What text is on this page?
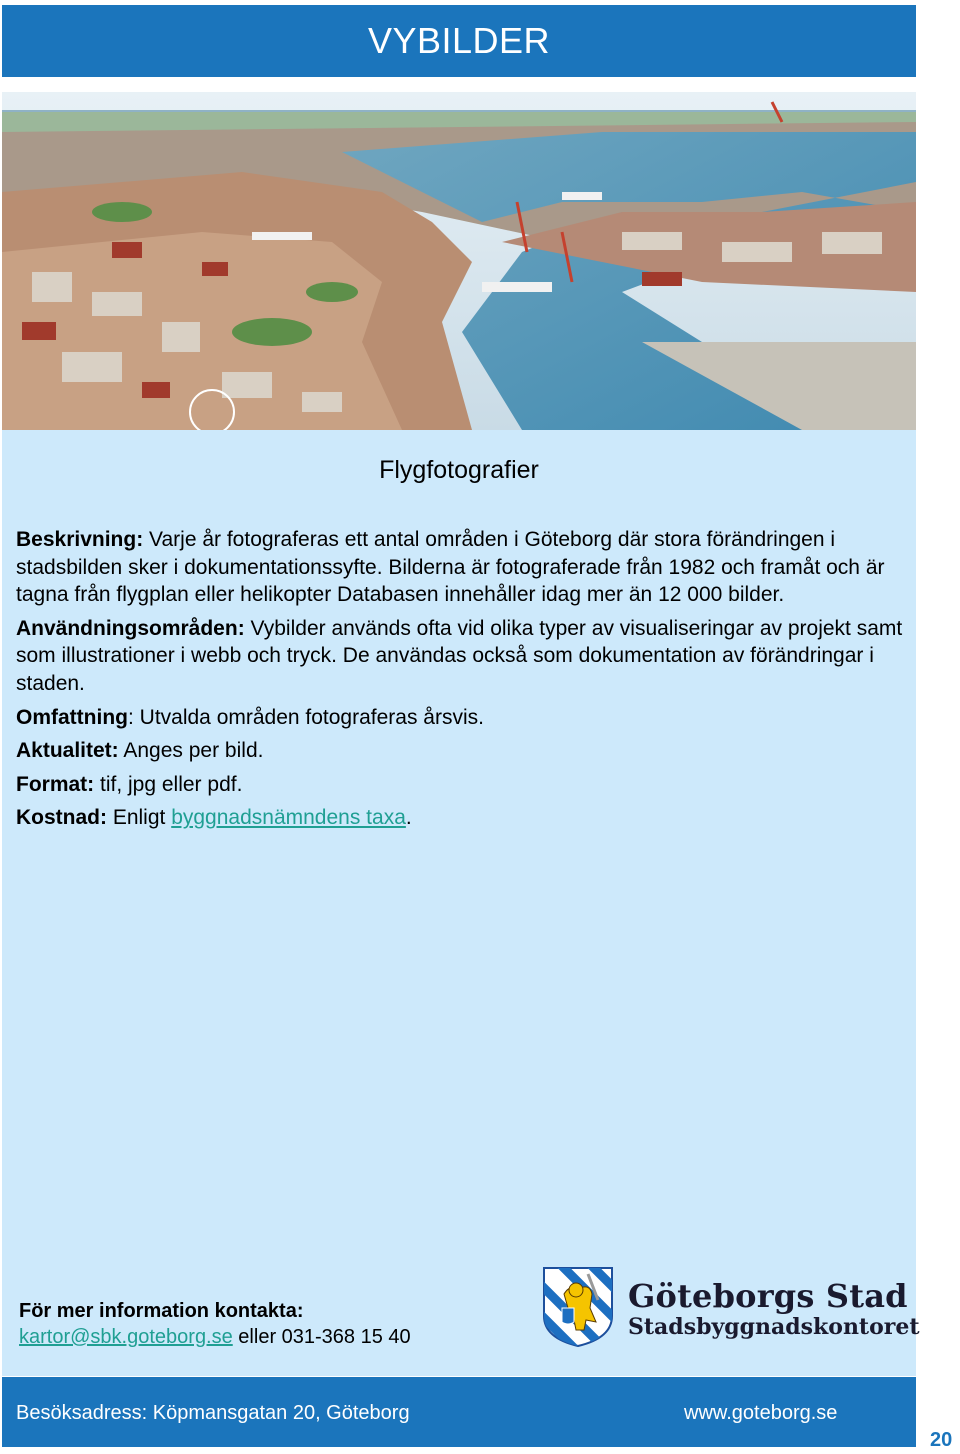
VYBILDER
Flygfotografier

Beskrivning: Varje år fotograferas ett antal områden i Göteborg där stora förändringen i stadsbilden sker i dokumentationssyfte. Bilderna är fotograferade från 1982 och framåt och är tagna från flygplan eller helikopter Databasen innehåller idag mer än 12 000 bilder.

Användningsområden: Vybilder används ofta vid olika typer av visualiseringar av projekt samt som illustrationer i webb och tryck. De användas också som dokumentation av förändringar i staden.

Omfattning: Utvalda områden fotograferas årsvis.

Aktualitet: Anges per bild.

Format: tif, jpg eller pdf.

Kostnad: Enligt byggnadsnämndens taxa.

För mer information kontakta:
kartor@sbk.goteborg.se eller 031-368 15 40
Göteborgs Stad
Stadsbyggnadskontoret
Besöksadress: Köpmansgatan 20, Göteborg	www.goteborg.se
20
